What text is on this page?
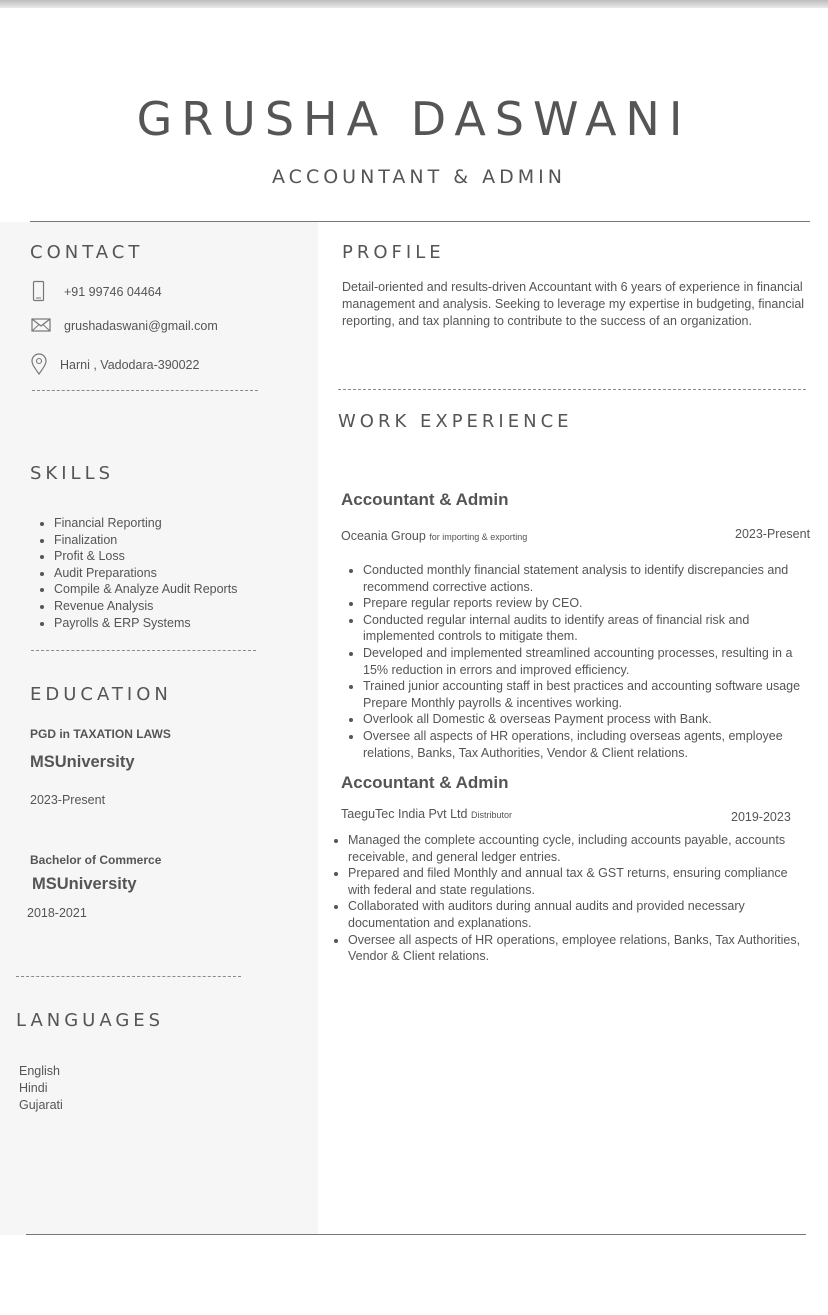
GRUSHA DASWANI
ACCOUNTANT & ADMIN
CONTACT
+91 99746 04464
grushadaswani@gmail.com
Harni , Vadodara-390022
SKILLS
• Financial Reporting
• Finalization
• Profit & Loss
• Audit Preparations
• Compile & Analyze Audit Reports
• Revenue Analysis
• Payrolls & ERP Systems
EDUCATION
PGD in TAXATION LAWS
MSUniversity
2023-Present
Bachelor of Commerce
MSUniversity
2018-2021
LANGUAGES
English
Hindi
Gujarati
PROFILE
Detail-oriented and results-driven Accountant with 6 years of experience in financial management and analysis. Seeking to leverage my expertise in budgeting, financial reporting, and tax planning to contribute to the success of an organization.
WORK EXPERIENCE
Accountant & Admin
Oceania Group for importing & exporting	2023-Present
• Conducted monthly financial statement analysis to identify discrepancies and recommend corrective actions.
• Prepare regular reports review by CEO.
• Conducted regular internal audits to identify areas of financial risk and implemented controls to mitigate them.
• Developed and implemented streamlined accounting processes, resulting in a 15% reduction in errors and improved efficiency.
• Trained junior accounting staff in best practices and accounting software usage Prepare Monthly payrolls & incentives working.
• Overlook all Domestic & overseas Payment process with Bank.
• Oversee all aspects of HR operations, including overseas agents, employee relations, Banks, Tax Authorities, Vendor & Client relations.
Accountant & Admin
TaeguTec India Pvt Ltd Distributor	2019-2023
• Managed the complete accounting cycle, including accounts payable, accounts receivable, and general ledger entries.
• Prepared and filed Monthly and annual tax & GST returns, ensuring compliance with federal and state regulations.
• Collaborated with auditors during annual audits and provided necessary documentation and explanations.
• Oversee all aspects of HR operations, employee relations, Banks, Tax Authorities, Vendor & Client relations.
